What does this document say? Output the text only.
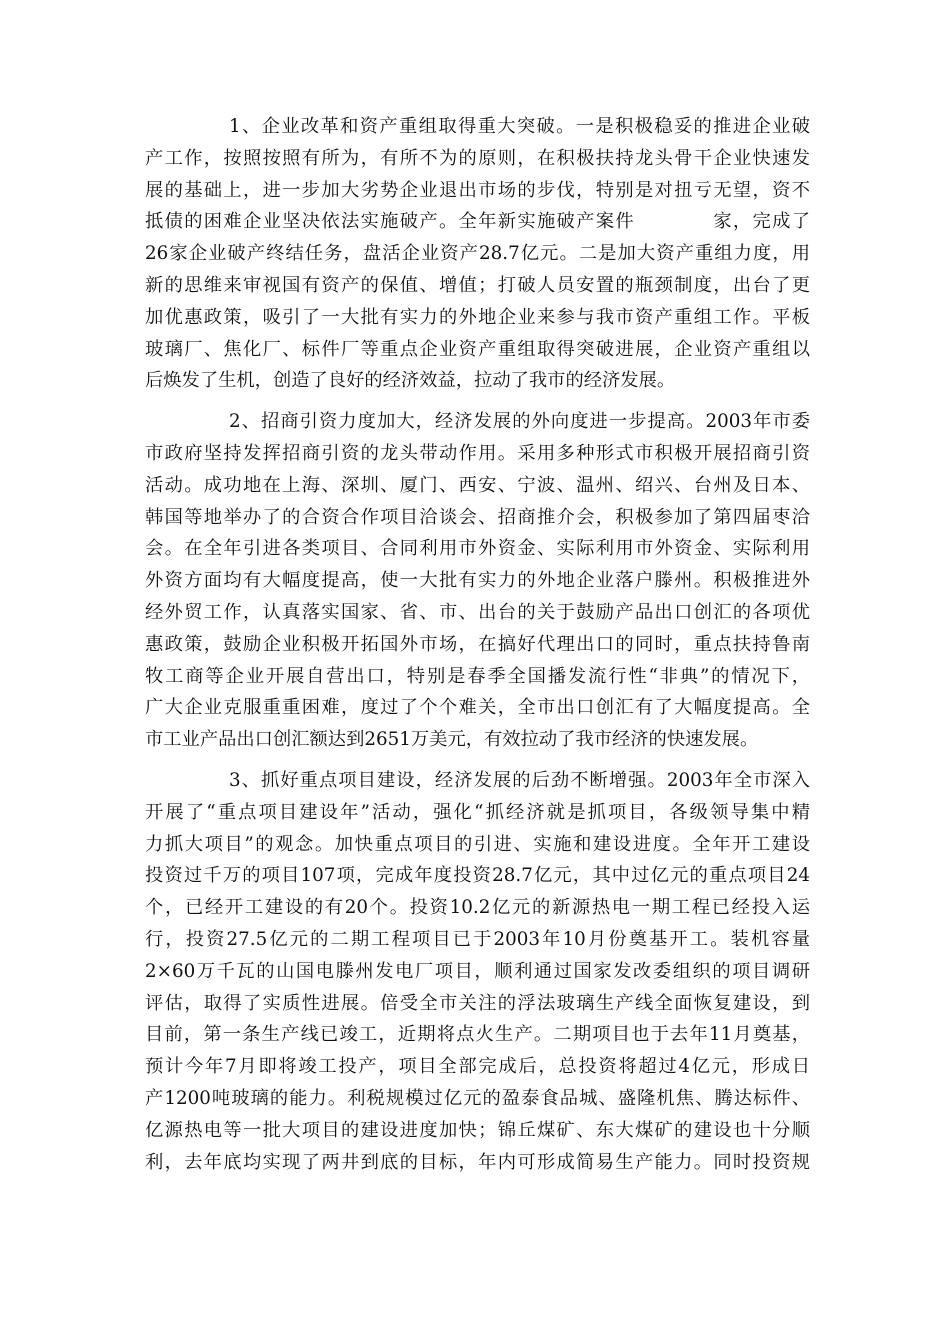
1、企业改革和资产重组取得重大突破。一是积极稳妥的推进企业破
产工作，按照按照有所为，有所不为的原则，在积极扶持龙头骨干企业快速发
展的基础上，进一步加大劣势企业退出市场的步伐，特别是对扭亏无望，资不
抵债的困难企业坚决依法实施破产。全年新实施破产案件　　　　家，完成了
26家企业破产终结任务，盘活企业资产28.7亿元。二是加大资产重组力度，用
新的思维来审视国有资产的保值、增值；打破人员安置的瓶颈制度，出台了更
加优惠政策，吸引了一大批有实力的外地企业来参与我市资产重组工作。平板
玻璃厂、焦化厂、标件厂等重点企业资产重组取得突破进展，企业资产重组以
后焕发了生机，创造了良好的经济效益，拉动了我市的经济发展。
2、招商引资力度加大，经济发展的外向度进一步提高。2003年市委
市政府坚持发挥招商引资的龙头带动作用。采用多种形式市积极开展招商引资
活动。成功地在上海、深圳、厦门、西安、宁波、温州、绍兴、台州及日本、
韩国等地举办了的合资合作项目洽谈会、招商推介会，积极参加了第四届枣洽
会。在全年引进各类项目、合同利用市外资金、实际利用市外资金、实际利用
外资方面均有大幅度提高，使一大批有实力的外地企业落户滕州。积极推进外
经外贸工作，认真落实国家、省、市、出台的关于鼓励产品出口创汇的各项优
惠政策，鼓励企业积极开拓国外市场，在搞好代理出口的同时，重点扶持鲁南
牧工商等企业开展自营出口，特别是春季全国播发流行性“非典”的情况下，
广大企业克服重重困难，度过了个个难关，全市出口创汇有了大幅度提高。全
市工业产品出口创汇额达到2651万美元，有效拉动了我市经济的快速发展。
3、抓好重点项目建设，经济发展的后劲不断增强。2003年全市深入
开展了“重点项目建设年”活动，强化“抓经济就是抓项目，各级领导集中精
力抓大项目”的观念。加快重点项目的引进、实施和建设进度。全年开工建设
投资过千万的项目107项，完成年度投资28.7亿元，其中过亿元的重点项目24
个，已经开工建设的有20个。投资10.2亿元的新源热电一期工程已经投入运
行，投资27.5亿元的二期工程项目已于2003年10月份奠基开工。装机容量
2×60万千瓦的山国电滕州发电厂项目，顺利通过国家发改委组织的项目调研
评估，取得了实质性进展。倍受全市关注的浮法玻璃生产线全面恢复建设，到
目前，第一条生产线已竣工，近期将点火生产。二期项目也于去年11月奠基，
预计今年7月即将竣工投产，项目全部完成后，总投资将超过4亿元，形成日
产1200吨玻璃的能力。利税规模过亿元的盈泰食品城、盛隆机焦、腾达标件、
亿源热电等一批大项目的建设进度加快；锦丘煤矿、东大煤矿的建设也十分顺
利，去年底均实现了两井到底的目标，年内可形成简易生产能力。同时投资规
